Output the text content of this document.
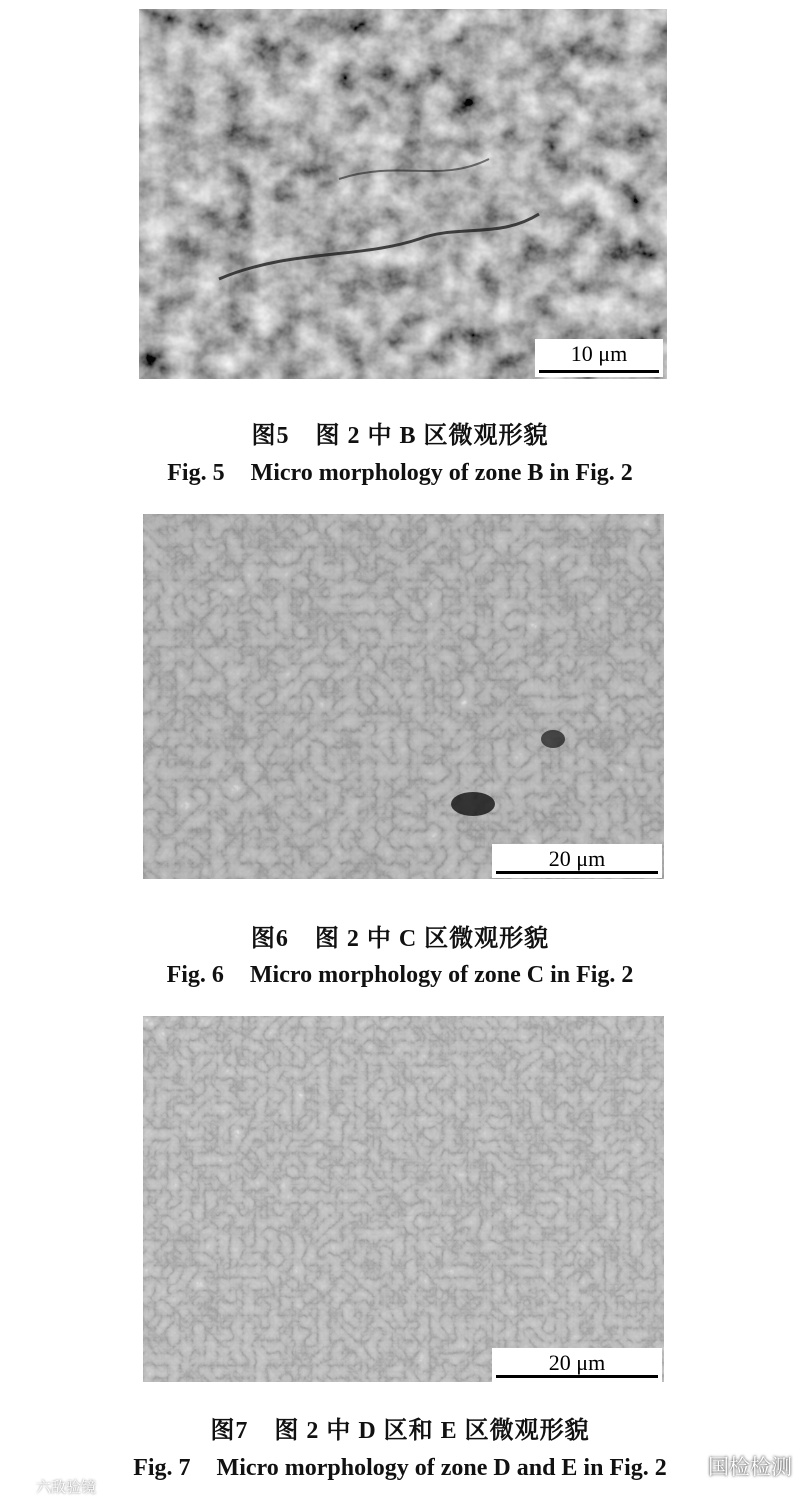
10 μm
图5 图 2 中 B 区微观形貌
Fig. 5 Micro morphology of zone B in Fig. 2
20 μm
图6 图 2 中 C 区微观形貌
Fig. 6 Micro morphology of zone C in Fig. 2
20 μm
图7 图 2 中 D 区和 E 区微观形貌
Fig. 7 Micro morphology of zone D and E in Fig. 2	国检检测
六敌验镜
